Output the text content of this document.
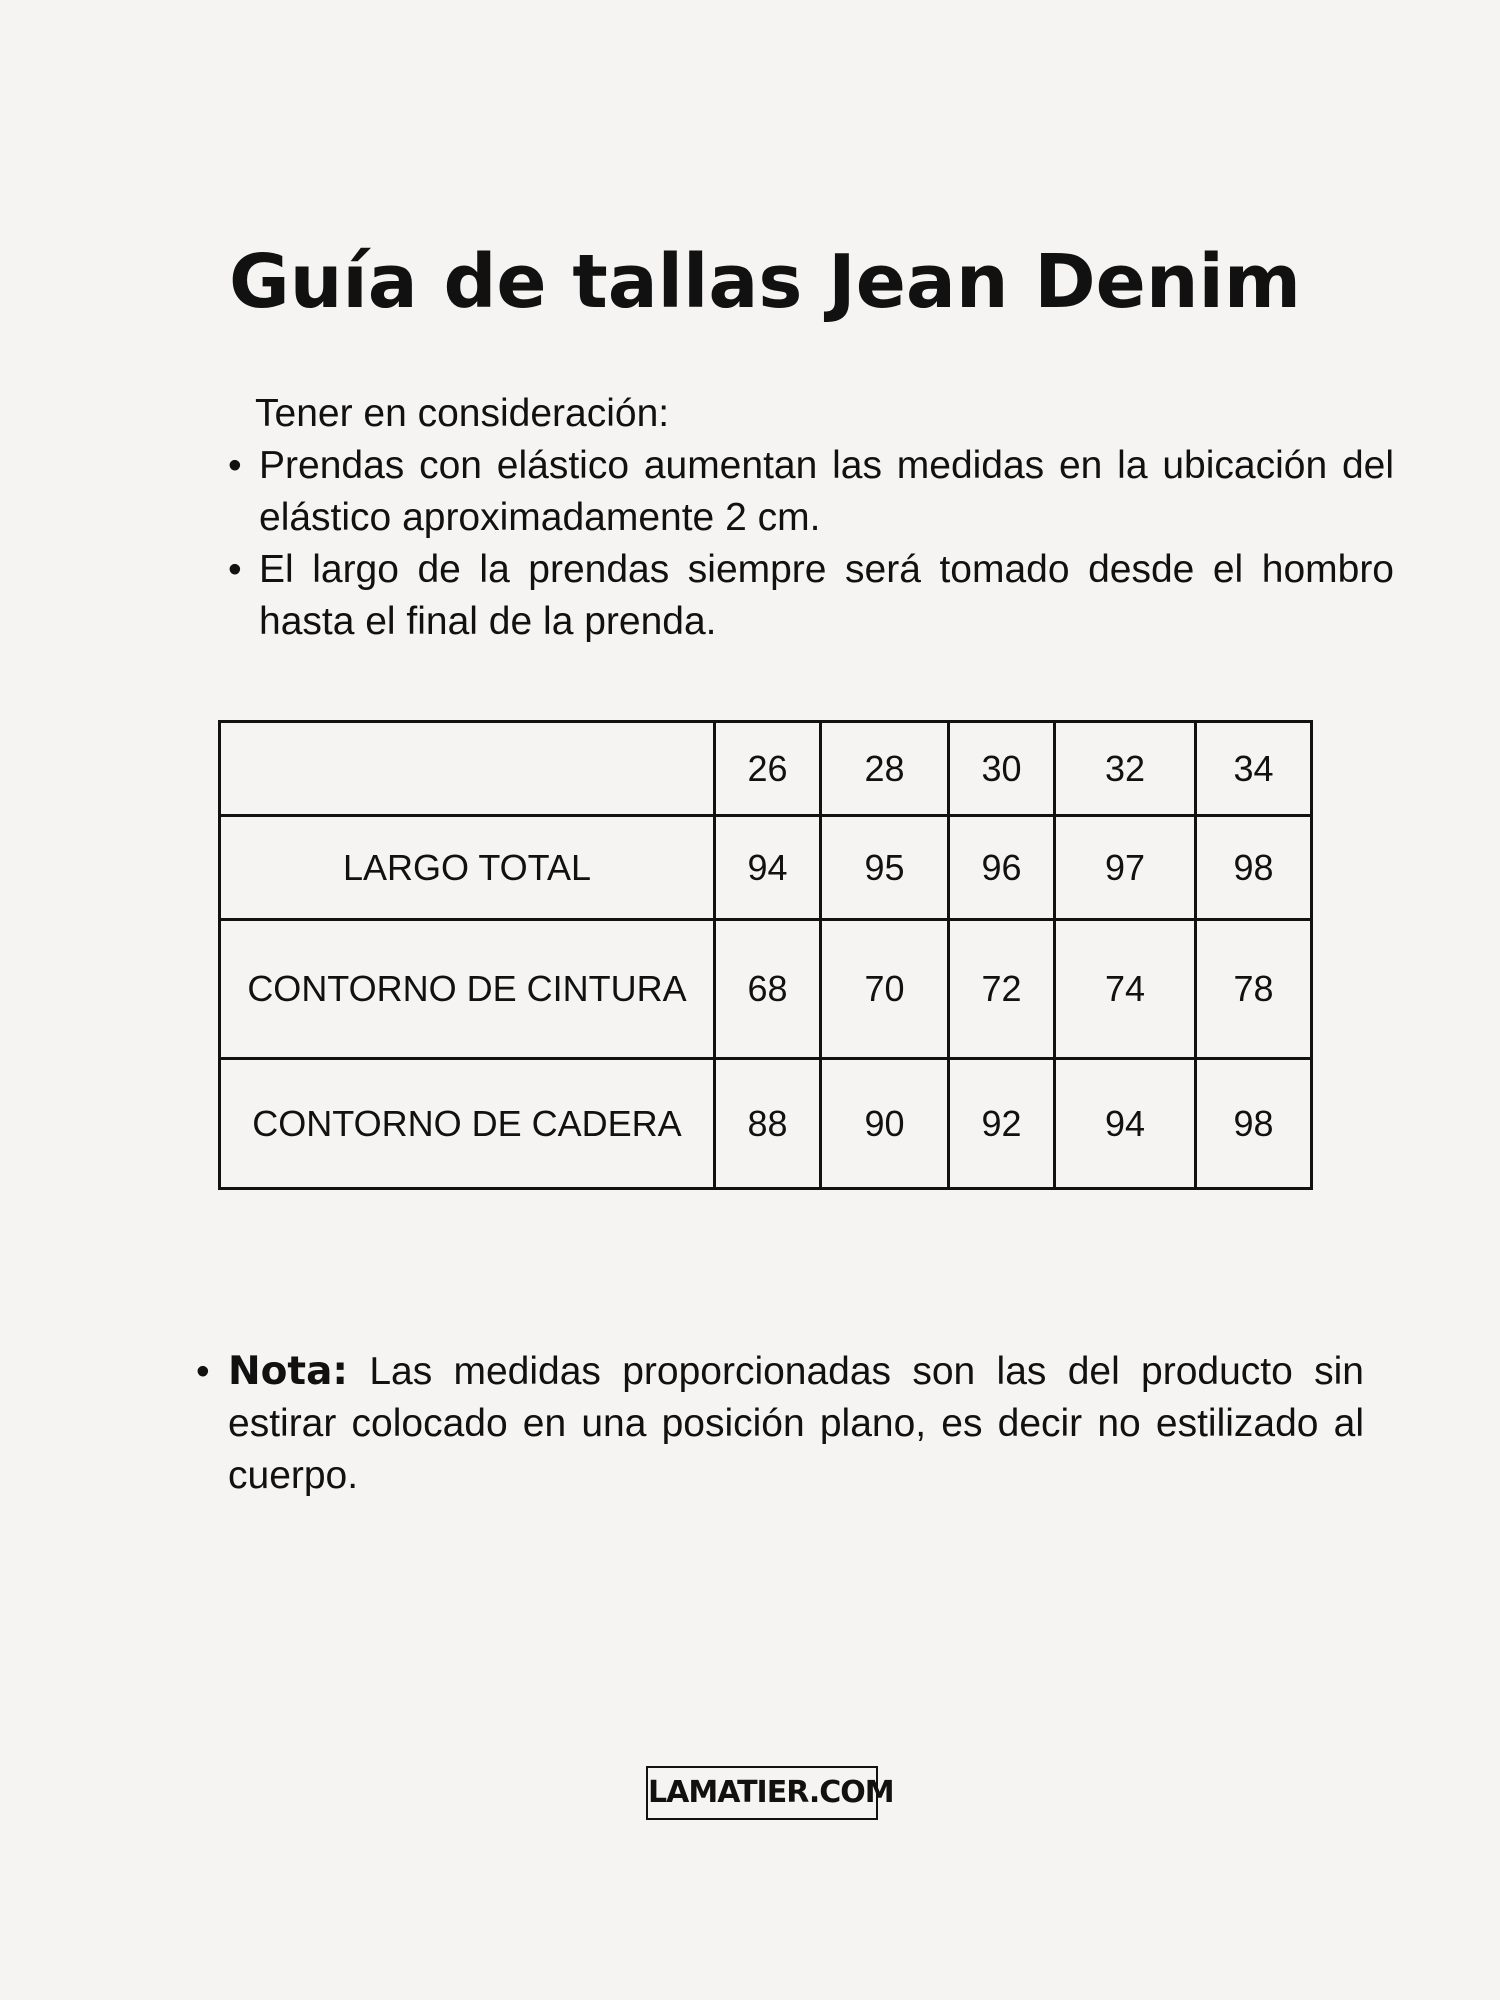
Guía de tallas Jean Denim
Tener en consideración:
• Prendas con elástico aumentan las medidas en la ubicación del elástico aproximadamente 2 cm.
• El largo de la prendas siempre será tomado desde el hombro hasta el final de la prenda.
	26	28	30	32	34
LARGO TOTAL	94	95	96	97	98
CONTORNO DE CINTURA	68	70	72	74	78
CONTORNO DE CADERA	88	90	92	94	98
• Nota: Las medidas proporcionadas son las del producto sin estirar colocado en una posición plano, es decir no estilizado al cuerpo.
LAMATIER.COM
